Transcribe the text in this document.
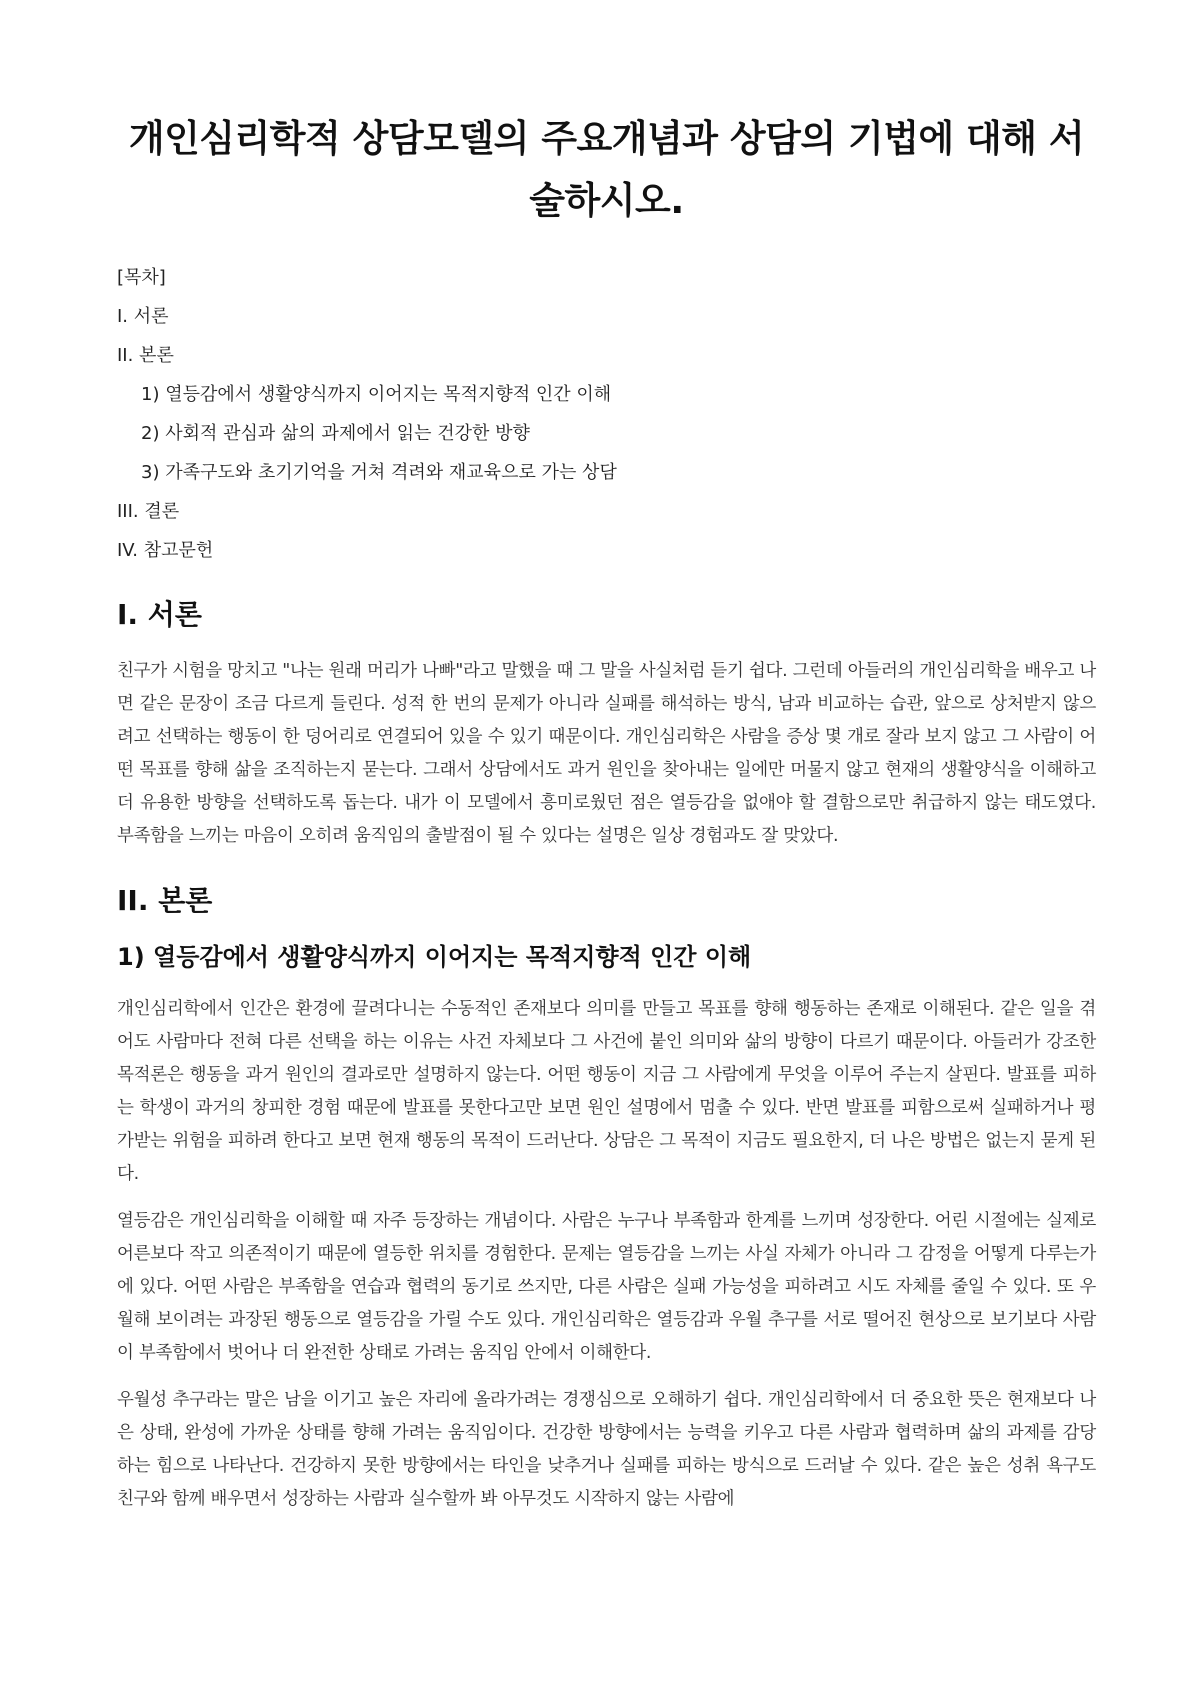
개인심리학적 상담모델의 주요개념과 상담의 기법에 대해 서술하시오.
[목차]
I. 서론
II. 본론
1) 열등감에서 생활양식까지 이어지는 목적지향적 인간 이해
2) 사회적 관심과 삶의 과제에서 읽는 건강한 방향
3) 가족구도와 초기기억을 거쳐 격려와 재교육으로 가는 상담
III. 결론
IV. 참고문헌
I. 서론

친구가 시험을 망치고 "나는 원래 머리가 나빠"라고 말했을 때 그 말을 사실처럼 듣기 쉽다. 그런데 아들러의 개인심리학을 배우고 나면 같은 문장이 조금 다르게 들린다. 성적 한 번의 문제가 아니라 실패를 해석하는 방식, 남과 비교하는 습관, 앞으로 상처받지 않으려고 선택하는 행동이 한 덩어리로 연결되어 있을 수 있기 때문이다. 개인심리학은 사람을 증상 몇 개로 잘라 보지 않고 그 사람이 어떤 목표를 향해 삶을 조직하는지 묻는다. 그래서 상담에서도 과거 원인을 찾아내는 일에만 머물지 않고 현재의 생활양식을 이해하고 더 유용한 방향을 선택하도록 돕는다. 내가 이 모델에서 흥미로웠던 점은 열등감을 없애야 할 결함으로만 취급하지 않는 태도였다. 부족함을 느끼는 마음이 오히려 움직임의 출발점이 될 수 있다는 설명은 일상 경험과도 잘 맞았다.

II. 본론
1) 열등감에서 생활양식까지 이어지는 목적지향적 인간 이해

개인심리학에서 인간은 환경에 끌려다니는 수동적인 존재보다 의미를 만들고 목표를 향해 행동하는 존재로 이해된다. 같은 일을 겪어도 사람마다 전혀 다른 선택을 하는 이유는 사건 자체보다 그 사건에 붙인 의미와 삶의 방향이 다르기 때문이다. 아들러가 강조한 목적론은 행동을 과거 원인의 결과로만 설명하지 않는다. 어떤 행동이 지금 그 사람에게 무엇을 이루어 주는지 살핀다. 발표를 피하는 학생이 과거의 창피한 경험 때문에 발표를 못한다고만 보면 원인 설명에서 멈출 수 있다. 반면 발표를 피함으로써 실패하거나 평가받는 위험을 피하려 한다고 보면 현재 행동의 목적이 드러난다. 상담은 그 목적이 지금도 필요한지, 더 나은 방법은 없는지 묻게 된다.

열등감은 개인심리학을 이해할 때 자주 등장하는 개념이다. 사람은 누구나 부족함과 한계를 느끼며 성장한다. 어린 시절에는 실제로 어른보다 작고 의존적이기 때문에 열등한 위치를 경험한다. 문제는 열등감을 느끼는 사실 자체가 아니라 그 감정을 어떻게 다루는가에 있다. 어떤 사람은 부족함을 연습과 협력의 동기로 쓰지만, 다른 사람은 실패 가능성을 피하려고 시도 자체를 줄일 수 있다. 또 우월해 보이려는 과장된 행동으로 열등감을 가릴 수도 있다. 개인심리학은 열등감과 우월 추구를 서로 떨어진 현상으로 보기보다 사람이 부족함에서 벗어나 더 완전한 상태로 가려는 움직임 안에서 이해한다.

우월성 추구라는 말은 남을 이기고 높은 자리에 올라가려는 경쟁심으로 오해하기 쉽다. 개인심리학에서 더 중요한 뜻은 현재보다 나은 상태, 완성에 가까운 상태를 향해 가려는 움직임이다. 건강한 방향에서는 능력을 키우고 다른 사람과 협력하며 삶의 과제를 감당하는 힘으로 나타난다. 건강하지 못한 방향에서는 타인을 낮추거나 실패를 피하는 방식으로 드러날 수 있다. 같은 높은 성취 욕구도 친구와 함께 배우면서 성장하는 사람과 실수할까 봐 아무것도 시작하지 않는 사람에
